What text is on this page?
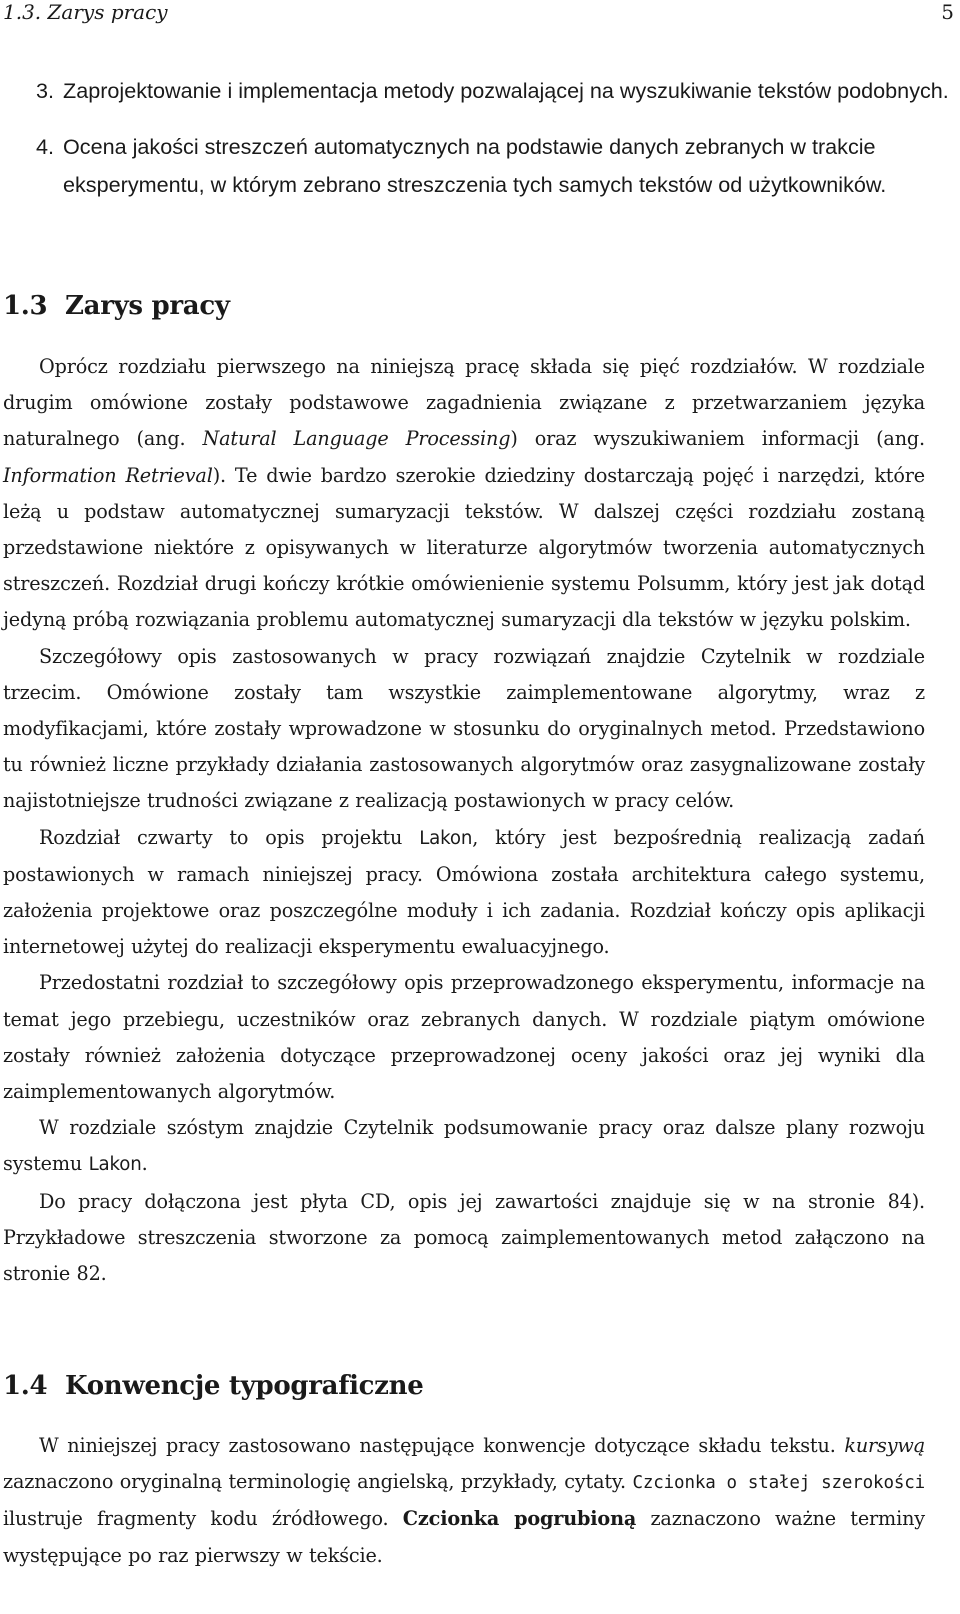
1.3. Zarys pracy	5
3. Zaprojektowanie i implementacja metody pozwalającej na wyszukiwanie tekstów podobnych.
4. Ocena jakości streszczeń automatycznych na podstawie danych zebranych w trakcie eksperymentu, w którym zebrano streszczenia tych samych tekstów od użytkowników.
1.3 Zarys pracy

Oprócz rozdziału pierwszego na niniejszą pracę składa się pięć rozdziałów. W rozdziale drugim omówione zostały podstawowe zagadnienia związane z przetwarzaniem języka naturalnego (ang. Natural Language Processing) oraz wyszukiwaniem informacji (ang. Information Retrieval). Te dwie bardzo szerokie dziedziny dostarczają pojęć i narzędzi, które leżą u podstaw automatycznej sumaryzacji tekstów. W dalszej części rozdziału zostaną przedstawione niektóre z opisywanych w literaturze algorytmów tworzenia automatycznych streszczeń. Rozdział drugi kończy krótkie omówienienie systemu Polsumm, który jest jak dotąd jedyną próbą rozwiązania problemu automatycznej sumaryzacji dla tekstów w języku polskim.

Szczegółowy opis zastosowanych w pracy rozwiązań znajdzie Czytelnik w rozdziale trzecim. Omówione zostały tam wszystkie zaimplementowane algorytmy, wraz z modyfikacjami, które zostały wprowadzone w stosunku do oryginalnych metod. Przedstawiono tu również liczne przykłady działania zastosowanych algorytmów oraz zasygnalizowane zostały najistotniejsze trudności związane z realizacją postawionych w pracy celów.

Rozdział czwarty to opis projektu Lakon, który jest bezpośrednią realizacją zadań postawionych w ramach niniejszej pracy. Omówiona została architektura całego systemu, założenia projektowe oraz poszczególne moduły i ich zadania. Rozdział kończy opis aplikacji internetowej użytej do realizacji eksperymentu ewaluacyjnego.

Przedostatni rozdział to szczegółowy opis przeprowadzonego eksperymentu, informacje na temat jego przebiegu, uczestników oraz zebranych danych. W rozdziale piątym omówione zostały również założenia dotyczące przeprowadzonej oceny jakości oraz jej wyniki dla zaimplementowanych algorytmów.

W rozdziale szóstym znajdzie Czytelnik podsumowanie pracy oraz dalsze plany rozwoju systemu Lakon.

Do pracy dołączona jest płyta CD, opis jej zawartości znajduje się w na stronie 84). Przykładowe streszczenia stworzone za pomocą zaimplementowanych metod załączono na stronie 82.

1.4 Konwencje typograficzne

W niniejszej pracy zastosowano następujące konwencje dotyczące składu tekstu. kursywą zaznaczono oryginalną terminologię angielską, przykłady, cytaty. Czcionka o stałej szerokości ilustruje fragmenty kodu źródłowego. Czcionka pogrubioną zaznaczono ważne terminy występujące po raz pierwszy w tekście.
